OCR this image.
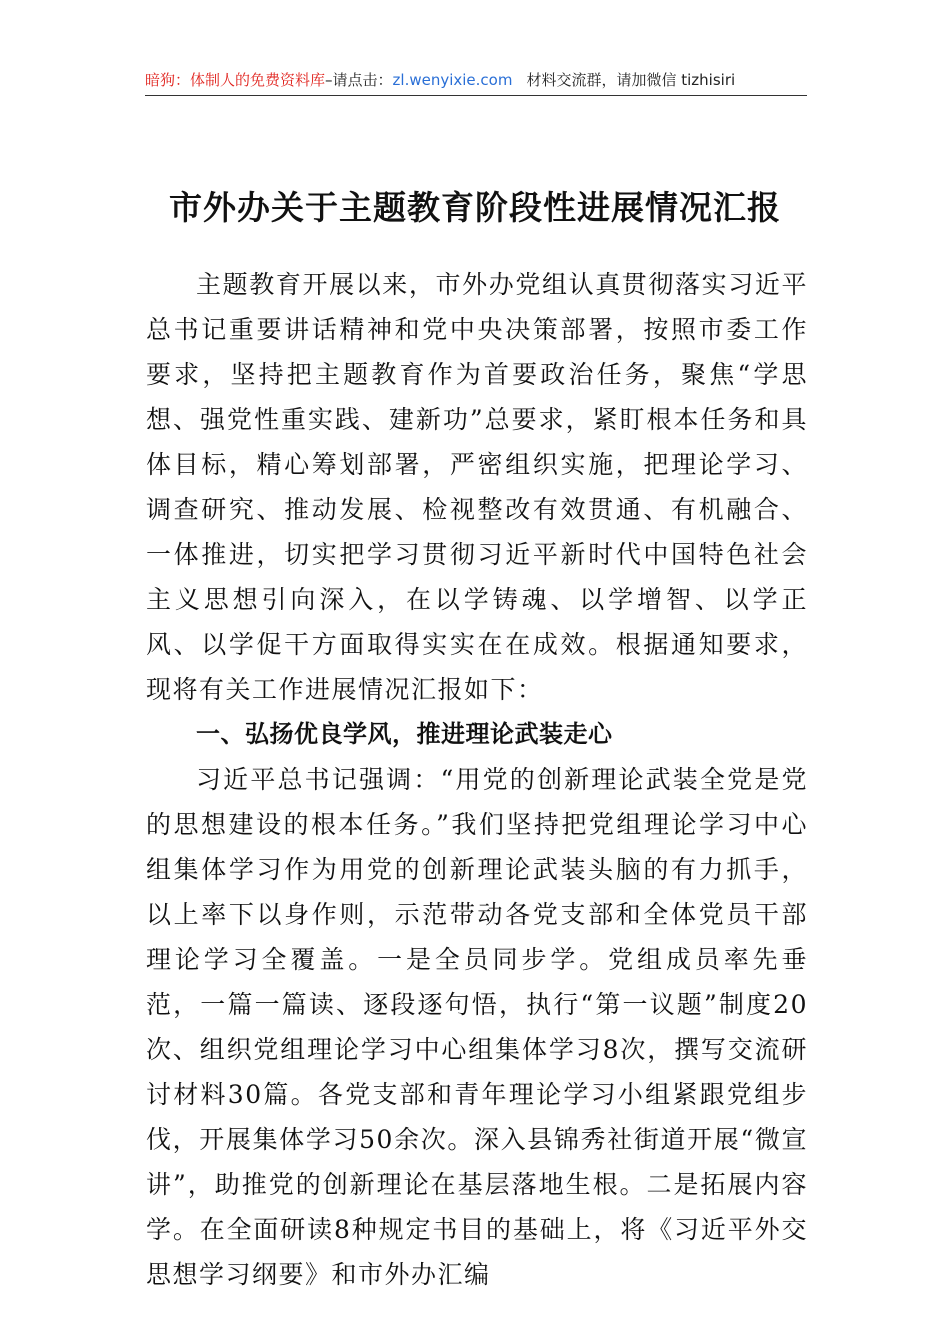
暗狗：体制人的免费资料库–请点击：zl.wenyixie.com 材料交流群，请加微信 tizhisiri
市外办关于主题教育阶段性进展情况汇报

主题教育开展以来，市外办党组认真贯彻落实习近平总书记重要讲话精神和党中央决策部署，按照市委工作要求，坚持把主题教育作为首要政治任务，聚焦“学思想、强党性重实践、建新功”总要求，紧盯根本任务和具体目标，精心筹划部署，严密组织实施，把理论学习、调查研究、推动发展、检视整改有效贯通、有机融合、一体推进，切实把学习贯彻习近平新时代中国特色社会主义思想引向深入，在以学铸魂、以学增智、以学正风、以学促干方面取得实实在在成效。根据通知要求，现将有关工作进展情况汇报如下：

一、弘扬优良学风，推进理论武装走心

习近平总书记强调：“用党的创新理论武装全党是党的思想建设的根本任务。”我们坚持把党组理论学习中心组集体学习作为用党的创新理论武装头脑的有力抓手，以上率下以身作则，示范带动各党支部和全体党员干部理论学习全覆盖。一是全员同步学。党组成员率先垂范，一篇一篇读、逐段逐句悟，执行“第一议题”制度20次、组织党组理论学习中心组集体学习8次，撰写交流研讨材料30篇。各党支部和青年理论学习小组紧跟党组步伐，开展集体学习50余次。深入县锦秀社街道开展“微宣讲”，助推党的创新理论在基层落地生根。二是拓展内容学。在全面研读8种规定书目的基础上，将《习近平外交思想学习纲要》和市外办汇编
